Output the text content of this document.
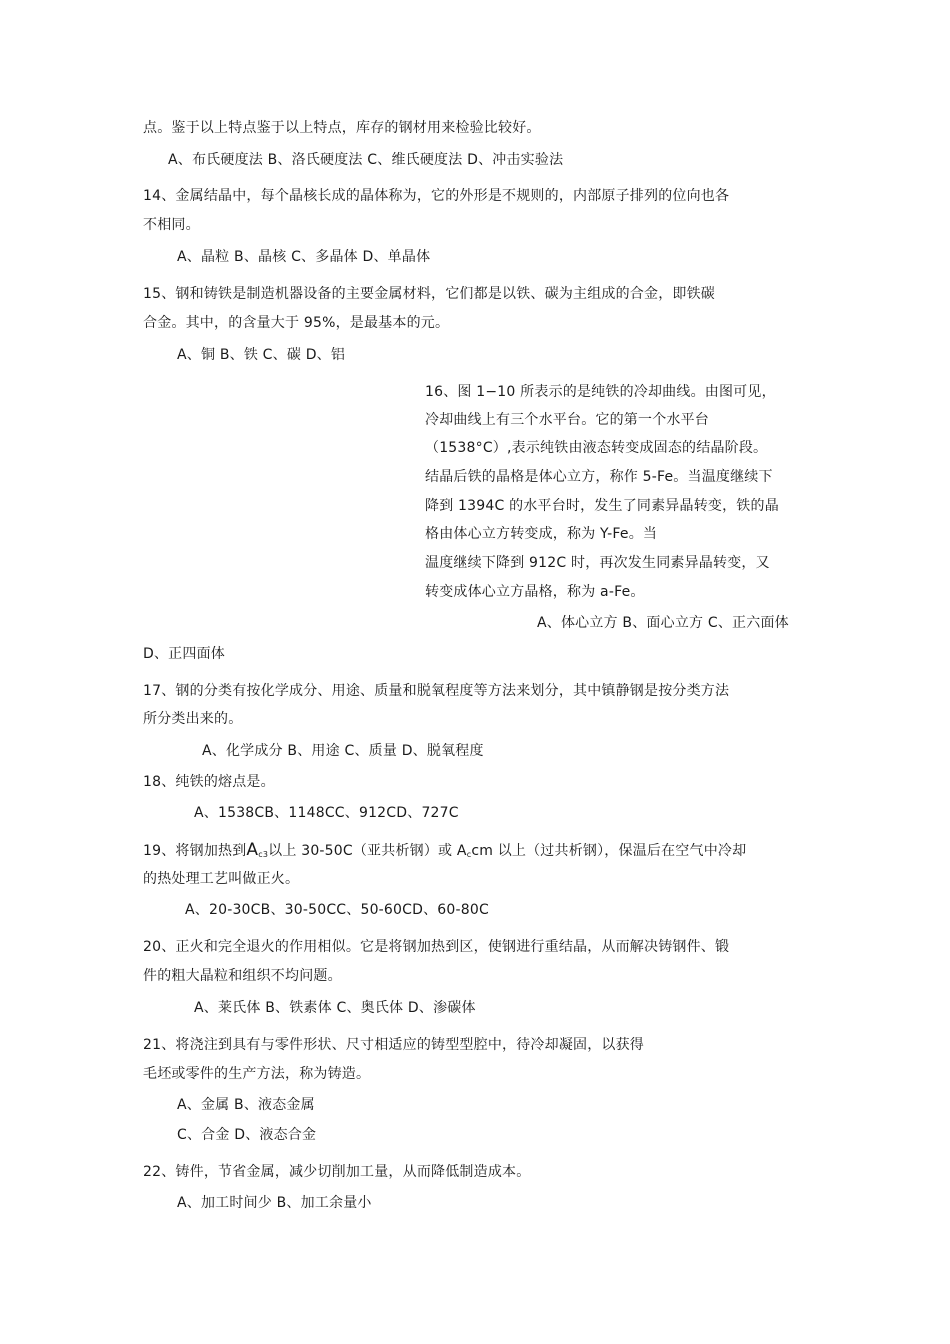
点。鉴于以上特点鉴于以上特点，库存的钢材用来检验比较好。
A、布氏硬度法 B、洛氏硬度法 C、维氏硬度法 D、冲击实验法
14、金属结晶中，每个晶核长成的晶体称为，它的外形是不规则的，内部原子排列的位向也各
不相同。
A、晶粒 B、晶核 C、多晶体 D、单晶体
15、钢和铸铁是制造机器设备的主要金属材料，它们都是以铁、碳为主组成的合金，即铁碳
合金。其中，的含量大于 95%，是最基本的元。
A、铜 B、铁 C、碳 D、铝
16、图 1−10 所表示的是纯铁的冷却曲线。由图可见，
冷却曲线上有三个水平台。它的第一个水平台
（1538°C）,表示纯铁由液态转变成固态的结晶阶段。
结晶后铁的晶格是体心立方，称作 5-Fe。当温度继续下
降到 1394C 的水平台时，发生了同素异晶转变，铁的晶
格由体心立方转变成，称为 Y-Fe。当
温度继续下降到 912C 时，再次发生同素异晶转变，又
转变成体心立方晶格，称为 a-Fe。
A、体心立方 B、面心立方 C、正六面体
D、正四面体
17、钢的分类有按化学成分、用途、质量和脱氧程度等方法来划分，其中镇静钢是按分类方法
所分类出来的。
A、化学成分 B、用途 C、质量 D、脱氧程度
18、纯铁的熔点是。
A、1538CB、1148CC、912CD、727C
19、将钢加热到$A_{c3}$以上 30-50C（亚共析钢）或 $A_ccm$ 以上（过共析钢），保温后在空气中冷却
的热处理工艺叫做正火。
A、20-30CB、30-50CC、50-60CD、60-80C
20、正火和完全退火的作用相似。它是将钢加热到区，使钢进行重结晶，从而解决铸钢件、锻
件的粗大晶粒和组织不均问题。
A、莱氏体 B、铁素体 C、奥氏体 D、渗碳体
21、将浇注到具有与零件形状、尺寸相适应的铸型型腔中，待冷却凝固，以获得
毛坯或零件的生产方法，称为铸造。
A、金属 B、液态金属
C、合金 D、液态合金
22、铸件，节省金属，减少切削加工量，从而降低制造成本。
A、加工时间少 B、加工余量小
